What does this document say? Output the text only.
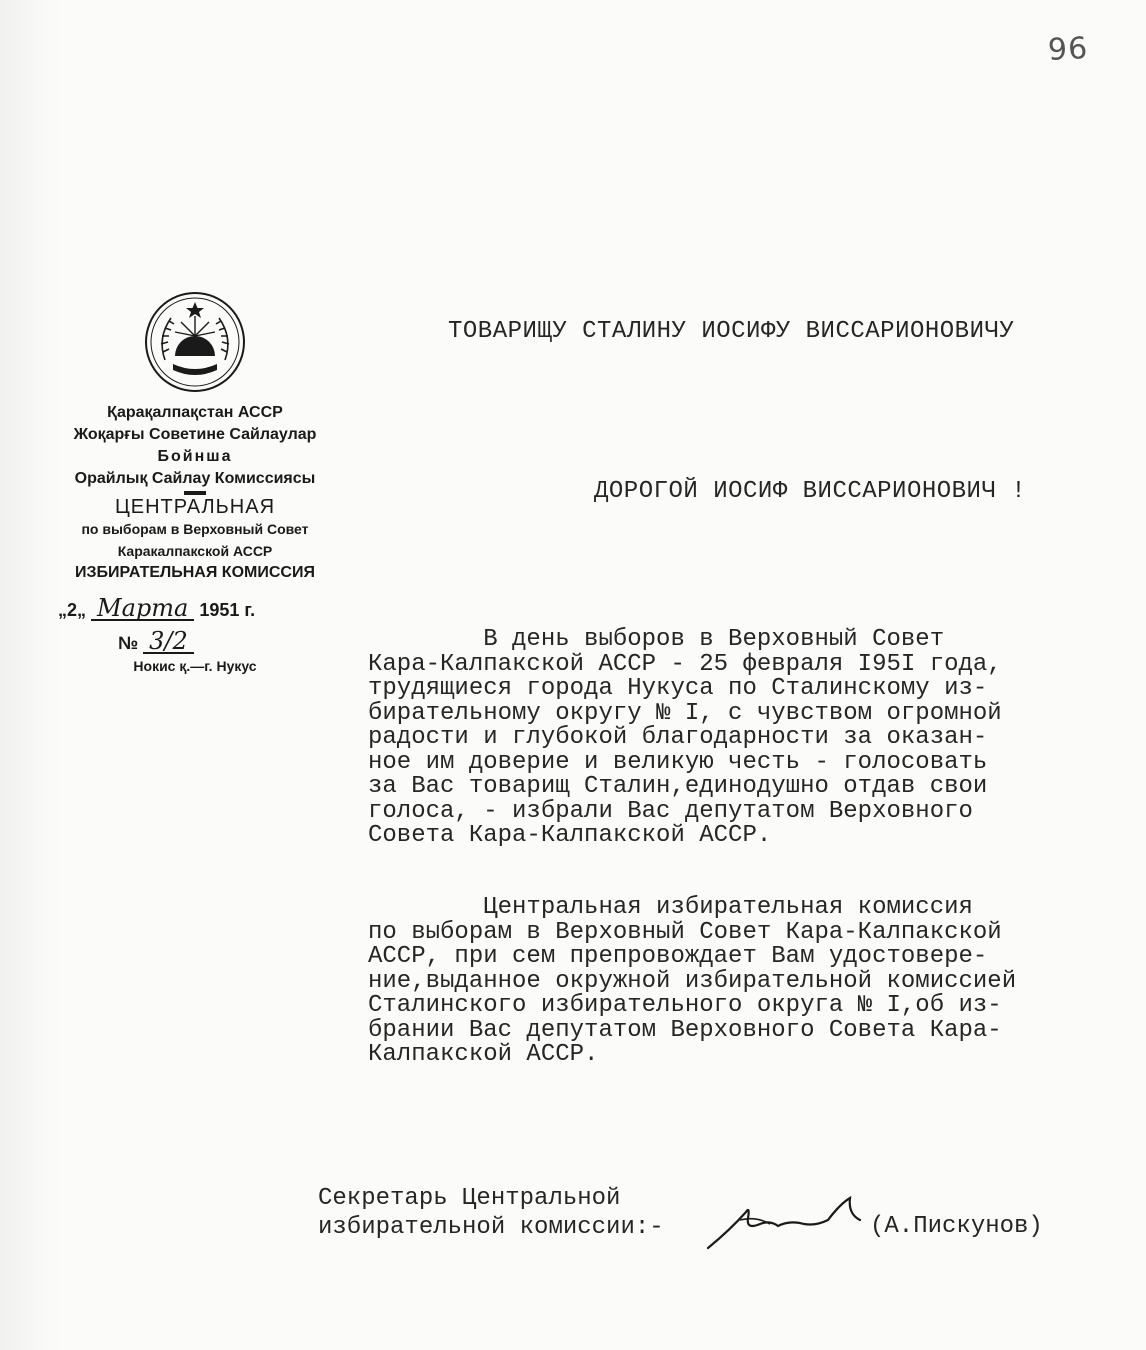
96
Қарақалпақстан АССР
Жоқарғы Советине Сайлаулар
Бойнша
Орайлық Сайлау Комиссиясы
ЦЕНТРАЛЬНАЯ
по выборам в Верховный Совет
Каракалпакской АССР
ИЗБИРАТЕЛЬНАЯ КОМИССИЯ
„2„ Марта 1951 г.
№ 3/2
Нокис қ.—г. Нукус
ТОВАРИЩУ СТАЛИНУ ИОСИФУ ВИССАРИОНОВИЧУ
ДОРОГОЙ ИОСИФ ВИССАРИОНОВИЧ !
В день выборов в Верховный Совет
Кара-Калпакской АССР - 25 февраля I95I года,
трудящиеся города Нукуса по Сталинскому из-
бирательному округу № I, с чувством огромной
радости и глубокой благодарности за оказан-
ное им доверие и великую честь - голосовать
за Вас товарищ Сталин,единодушно отдав свои
голоса, - избрали Вас депутатом Верховного
Совета Кара-Калпакской АССР.
Центральная избирательная комиссия
по выборам в Верховный Совет Кара-Калпакской
АССР, при сем препровождает Вам удостовере-
ние,выданное окружной избирательной комиссией
Сталинского избирательного округа № I,об из-
брании Вас депутатом Верховного Совета Кара-
Калпакской АССР.
Секретарь Центральной
избирательной комиссии:-	(А.Пискунов)
